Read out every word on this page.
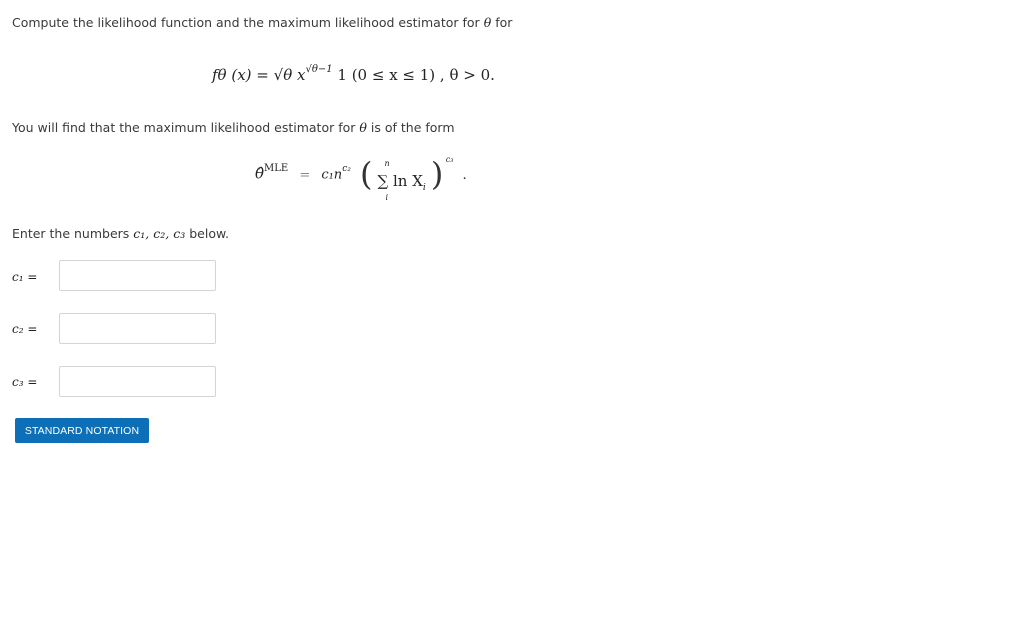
Compute the likelihood function and the maximum likelihood estimator for θ for
fθ (x) = √θ $x^{√\theta-1}$ 1 (0 ≤ x ≤ 1) , θ > 0.
You will find that the maximum likelihood estimator for θ is of the form
θ̂$^{MLE}$ = $c_1n^{c_2}$ ( n
∑ $\ln X_i$
i
) c₃
.
Enter the numbers c₁, c₂, c₃ below.
c₁ =
c₂ =
c₃ =
STANDARD NOTATION
